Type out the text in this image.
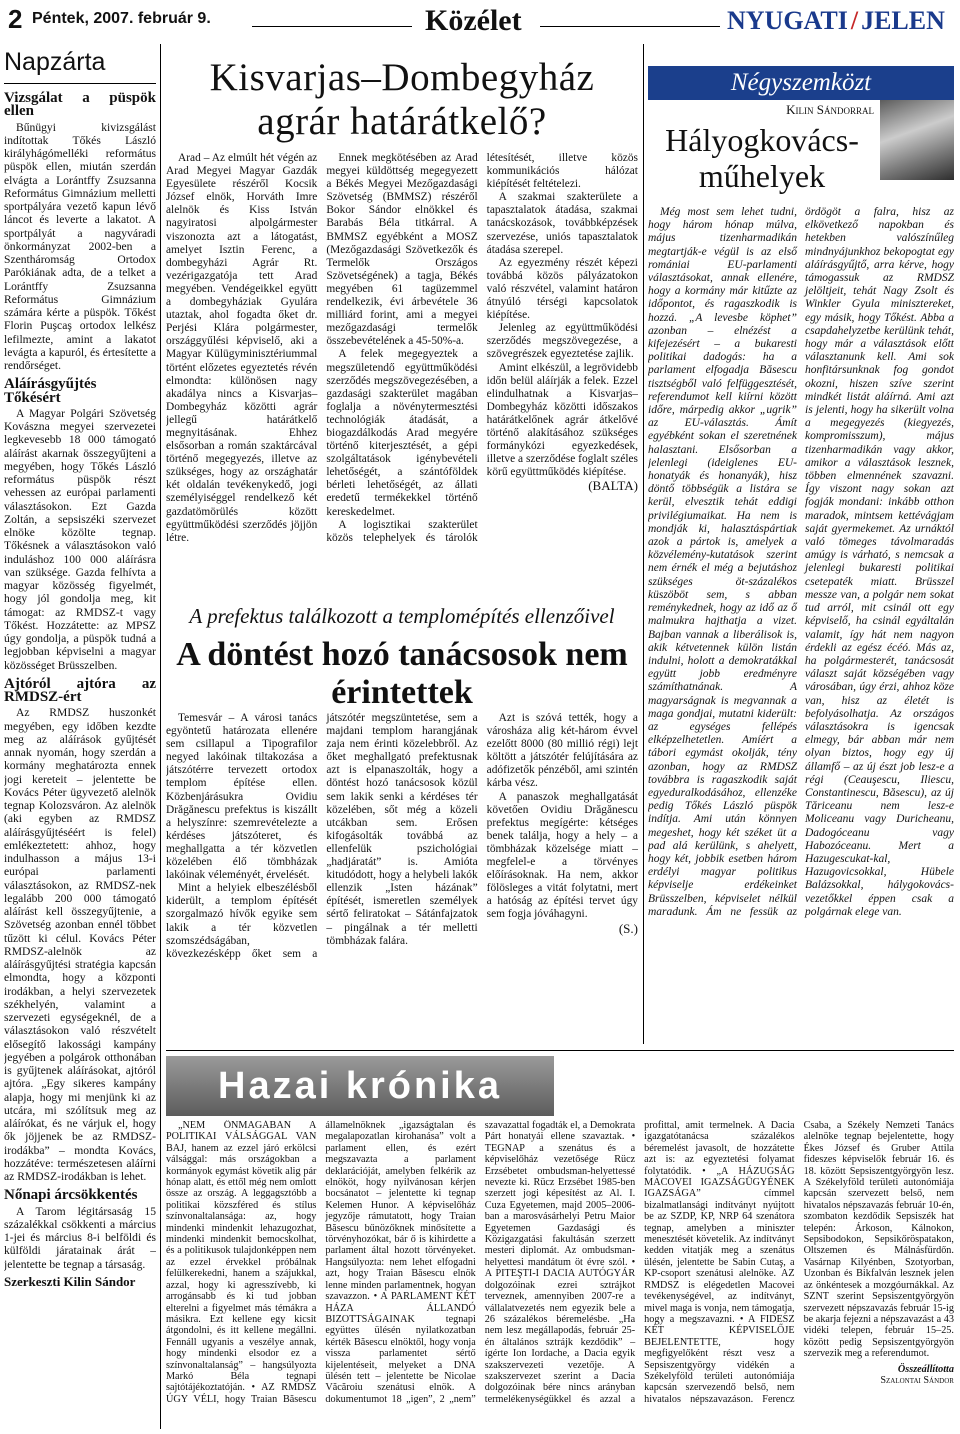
2 Péntek, 2007. február 9.	Közélet	NYUGATI / JELEN
Napzárta
Vizsgálat a püspök ellen

Bűnügyi kivizsgálást indítottak Tőkés László királyhágómelléki református püspök ellen, miután szerdán elvágta a Lorántffy Zsuzsanna Református Gimnázium melletti sportpályára vezető kapun lévő láncot és leverte a lakatot. A sportpályát a nagyváradi önkormányzat 2002-ben a Szentháromság Ortodox Parókiának adta, de a telket a Lorántffy Zsuzsanna Református Gimnázium számára kérte a püspök. Tőkést Florin Puşcaş ortodox lelkész lefilmezte, amint a lakatot levágta a kapuról, és értesítette a rendőrséget.

Aláírásgyűjtés Tőkésért

A Magyar Polgári Szövetség Kovászna megyei szervezetei legkevesebb 18 000 támogató aláírást akarnak összegyűjteni a megyében, hogy Tőkés László református püspök részt vehessen az európai parlamenti választásokon. Ezt Gazda Zoltán, a sepsiszéki szervezet elnöke közölte tegnap. Tőkésnek a választásokon való induláshoz 100 000 aláírásra van szüksége. Gazda felhívta a magyar közösség figyelmét, hogy jól gondolja meg, kit támogat: az RMDSZ-t vagy Tőkést. Hozzátette: az MPSZ úgy gondolja, a püspök tudná a legjobban képviselni a magyar közösséget Brüsszelben.

Ajtóról ajtóra az RMDSZ-ért

Az RMDSZ huszonkét megyében, egy időben kezdte meg az aláírások gyűjtését annak nyomán, hogy szerdán a kormány meghatározta ennek jogi kereteit – jelentette be Kovács Péter ügyvezető alelnök tegnap Kolozsváron. Az alelnök (aki egyben az RMDSZ aláírásgyűjtéséért is felel) emlékeztetett: ahhoz, hogy indulhasson a május 13-i európai parlamenti választásokon, az RMDSZ-nek legalább 200 000 támogató aláírást kell összegyűjtenie, a Szövetség azonban ennél többet tűzött ki célul. Kovács Péter RMDSZ-alelnök az aláírásgyűjtési stratégia kapcsán elmondta, hogy a központi irodákban, a helyi szervezetek székhelyén, valamint a szervezeti egységeknél, de a választásokon való részvételt elősegítő lakossági kampány jegyében a polgárok otthonában is gyűjtenek aláírásokat, ajtóról ajtóra. „Egy sikeres kampány alapja, hogy mi menjünk ki az utcára, mi szólítsuk meg az aláírókat, és ne várjuk el, hogy ők jöjjenek be az RMDSZ-irodákba” – mondta Kovács, hozzátéve: természetesen aláírni az RMDSZ-irodákban is lehet.

Nőnapi árcsökkentés

A Tarom légitársaság 15 százalékkal csökkenti a március 1-jei és március 8-i belföldi és külföldi járatainak árát – jelentette be tegnap a társaság.

Szerkeszti Kilin Sándor
Kisvarjas–Dombegyház agrár határátkelő?

Arad – Az elmúlt hét végén az Arad Megyei Magyar Gazdák Egyesülete részéről Kocsik József elnök, Horváth Imre alelnök és Kiss István nagyiratosi alpolgármester viszonozta azt a látogatást, amelyet Isztin Ferenc, a dombegyházi Agrár Rt. vezérigazgatója tett Arad megyében. Vendégeikkel együtt a dombegyháziak Gyulára utaztak, ahol fogadta őket dr. Perjési Klára polgármester, országgyűlési képviselő, aki a Magyar Külügyminisztériummal történt előzetes egyeztetés révén elmondta: különösen nagy akadálya nincs a Kisvarjas–Dombegyház közötti agrár jellegű határátkelő megnyitásának. Ehhez elsősorban a román szaktárcával történő megegyezés, illetve az szükséges, hogy az országhatár két oldalán tevékenykedő, jogi személyiséggel rendelkező két gazdatömörülés között együttműködési szerződés jöjjön létre.

Ennek megkötésében az Arad megyei küldöttség megegyezett a Békés Megyei Mezőgazdasági Szövetség (BMMSZ) részéről Bokor Sándor elnökkel és Barabás Béla titkárral. A BMMSZ egyébként a MOSZ (Mezőgazdasági Szövetkezők és Termelők Országos Szövetségének) a tagja, Békés megyében 61 tagüzemmel rendelkezik, évi árbevétele 36 milliárd forint, ami a megyei mezőgazdasági termelők összebevételének a 45-50%-a.

A felek megegyeztek a megszületendő együttműködési szerződés megszövegezésében, a gazdasági szakterület magában foglalja a növénytermesztési technológiák átadását, a biogazdálkodás Arad megyére történő kiterjesztését, a gépi szolgáltatások igénybevételi lehetőségét, a szántóföldek bérleti lehetőségét, az állati eredetű termékekkel történő kereskedelmet.

A logisztikai szakterület közös telephelyek és tárolók létesítését, illetve közös kommunikációs hálózat kiépítését feltételezi.

A szakmai szakterülete a tapasztalatok átadása, szakmai tanácskozások, továbbképzések szervezése, uniós tapasztalatok átadása szerepel.

Az egyezmény részét képezi továbbá közös pályázatokon való részvétel, valamint határon átnyúló térségi kapcsolatok kiépítése.

Jelenleg az együttműködési szerződés megszövegezése, a szövegrészek egyeztetése zajlik.

Amint elkészül, a legrövidebb időn belül aláírják a felek. Ezzel elindulhatnak a Kisvarjas–Dombegyház közötti időszakos határátkelőnek agrár átkelővé történő alakításához szükséges formánykózi egyezkedések, illetve a szerződése foglalt széles körű együttműködés kiépítése.

(BALTA)
A prefektus találkozott a templomépítés ellenzőivel
A döntést hozó tanácsosok nem érintettek

Temesvár – A városi tanács egyöntetű határozata ellenére sem csillapul a Tipografilor negyed lakóinak tiltakozása a játszótérre tervezett ortodox templom építése ellen. Közbenjárásukra Ovidiu Drăgănescu prefektus is kiszállt a helyszínre: szemrevételezte a kérdéses játszóteret, és meghallgatta a tér közvetlen közelében élő tömbházak lakóinak véleményét, érvelését.

Mint a helyiek elbeszélésből kiderült, a templom építését szorgalmazó hívők egyike sem lakik a tér közvetlen szomszédságában, kövezkezésképp őket sem a játszótér megszüntetése, sem a majdani templom harangjának zaja nem érinti közelebbről. Az őket meghallgató prefektusnak azt is elpanaszolták, hogy a döntést hozó tanácsosok közül sem lakik senki a kérdéses tér közelében, sőt még a közeli utcákban sem. Erősen kifogásolták továbbá az ellenfelük pszichológiai „hadjáratát” is. Amióta kitudódott, hogy a helybeli lakók ellenzik „Isten házának” építését, ismeretlen személyek sértő feliratokat – Sátánfajzatok – pingálnak a tér melletti tömbházak falára.

Azt is szóvá tették, hogy a városháza alig két-három évvel ezelőtt 8000 (80 millió régi) lejt költött a játszótér felújítására az adófizetők pénzéből, ami szintén kárba vész.

A panaszok meghallgatását követően Ovidiu Drăgănescu prefektus megígérte: kétséges benek találja, hogy a hely – a tömbházak közelsége miatt – megfelel-e a törvényes előírásoknak. Ha nem, akkor fölösleges a vitát folytatni, mert a hatóság az építési tervet úgy sem fogja jóváhagyni.

(S.)
Négyszemközt
Kilin Sándorral
Hályogkovács-műhelyek

Még most sem lehet tudni, hogy három hónap múlva, május tizenharmadikán megtartják-e végül is az első romániai EU-parlamenti választásokat, annak ellenére, hogy a kormány már kitűzte az időpontot, és ragaszkodik is hozzá. „A levesbe köphet” azonban – elnézést a kifejezésért – a bukaresti politikai dadogás: ha a parlament elfogadja Băsescu tisztségből való felfüggesztését, referendumot kell kiírni között időre, márpedig akkor „ugrik” az EU-választás. Ámít egyébként sokan el szeretnének halasztani. Elsősorban a jelenlegi (ideiglenes EU-honatyák és honanyák), hisz döntő többségük a listára se kerül, elvesztik tehát eddigi privilégiumaikat. Ha nem is mondják ki, halasztáspártiak azok a pártok is, amelyek a közvélemény-kutatások szerint nem érnék el még a bejutáshoz szükséges öt-százalékos küszöböt sem, s abban reménykednek, hogy az idő az ő malmukra hajthatja a vizet. Bajban vannak a liberálisok is, akik kétvetennek külön listán indulni, holott a demokratákkal együtt jobb eredményre számíthatnának. A magyarságnak is megvannak a maga gondjai, mutatni kiderült: az egységes fellépés elképzelhetetlen. Amíért a tábori egymást okolják, tény azonban, hogy az RMDSZ továbbra is ragaszkodik saját egyeduralkodásához, ellenzéke pedig Tőkés László püspök indítja. Ami után könnyen megeshet, hogy két széket üt a pad alá kerülünk, s ahelyett, hogy két, jobbik esetben három erdélyi magyar politikus képviselje erdékeinket Brüsszelben, képviselet nélkül maradunk. Ám ne fessük az ördögöt a falra, hisz az elkövetkező napokban és hetekben valószínűleg mindnyájunkhoz bekopogtat egy aláírásgyűjtő, arra kérve, hogy támogassuk az RMDSZ jelöltjeit, tehát Nagy Zsolt és Winkler Gyula minisztereket, egy másik, hogy Tőkést. Abba a csapdahelyzetbe kerülünk tehát, hogy már a választások előtt választanunk kell. Ami sok honfitársunknak fog gondot okozni, hiszen szíve szerint mindkét listát aláírná. Ami azt is jelenti, hogy ha sikerült volna a megegyezés (kiegyezés, kompromisszum), május tizenharmadikán vagy akkor, amikor a választások lesznek, többen elmennének szavazni. Így viszont nagy sokan azt fogják mondani: inkább otthon maradok, mintsem kettévágjam saját gyermekemet. Az urnáktól való tömeges távolmaradás amúgy is várható, s nemcsak a jelenlegi bukaresti politikai csetepaték miatt. Brüsszel messze van, a polgár nem sokat tud arról, mit csinál ott egy képviselő, ha csinál egyáltalán valamit, így hát nem nagyon érdekli az egész écéó. Más az, ha polgármesterét, tanácsosát választ saját községében vagy városában, úgy érzi, ahhoz köze van, hisz az életét is befolyásolhatja. Az országos választásokra is igencsak elmegy, bár abban már nem olyan biztos, hogy egy új államfő – az új észt job lesz-e a régi (Ceauşescu, Iliescu, Constantinescu, Băsescu), az új Tăriceanu nem lesz-e Moliceanu vagy Duricheanu, Dadogóceanu vagy Habozóceanu. Mert a Hazugescukat-kal, Hazugovicsokkal, Hübele Balázsokkal, hálygokovács-vezetőkkel éppen csak a polgárnak elege van.

Hazai krónika

„NEM ÖNMAGÁBAN A POLITIKAI VÁLSÁGGAL VAN BAJ, hanem az ezzel járó erkölcsi válsággal: más országokban a kormányok egymást követik alig pár hónap alatt, és ettől még nem omlott össze az ország. A leggagsztóbb a politikai közszféred és stílus színvonaltalansága: az, hogy mindenki mindenkit lehazugozhat, mindenki mindenkit bemocskolhat, és a politikusok tulajdonképpen nem az ezzel érvekkel próbálnak felülkerekedni, hanem a szájukkal, azzal, hogy ki agresszívebb, ki arrogánsabb és ki tud jobban elterelni a figyelmet más témákra a másikra. Ezt kellene egy kicsit átgondolni, és itt kellene megállni. Fennáll ugyanis a veszélye annak, hogy mindenki elsodor ez a színvonaltalanság” – hangsúlyozta Markó Béla tegnapi sajtótájékoztatóján. • AZ RMDSZ ÚGY VÉLI, hogy Traian Băsescu államelnöknek „igazságtalan és megalapozatlan kirohanása” volt a parlament ellen, és ezért megszavazta a parlament deklarációját, amelyben felkérik az elnököt, hogy nyilvánosan kérjen bocsánatot – jelentette ki tegnap Kelemen Hunor. A képviselőház jegyzője rámutatott, hogy Traian Băsescu bűnözőknek minősítette a törvényhozókat, bár ő is kihirdette a parlament által hozott törvényeket. Hangsúlyozta: nem lehet elfogadni azt, hogy Traian Băsescu elnök lenne minden parlamentnek, hogyan szavazzon. • A PARLAMENT KÉT HÁZA ÁLLANDÓ BIZOTTSÁGAINAK tegnapi együttes ülésén nyilatkozatban kérték Băsescu elnöktől, hogy vonja vissza parlamentet sértő kijelentéseit, melyeket a DNA ülésén tett – jelentette be Nicolae Văcăroiu szenátusi elnök. A dokumentumot 18 „igen”, 2 „nem” szavazattal fogadták el, a Demokrata Párt honatyái ellene szavaztak. • TEGNAP a szenátus és a képviselőház vezetősége Rücz Erzsébetet ombudsman-helyettessé nevezte ki. Rücz Erzsébet 1985-ben szerzett jogi képesítést az Al. I. Cuza Egyetemen, majd 2005–2006-ban a marosvásárhelyi Petru Maior Egyetemen Gazdasági és Közigazgatási fakultásán szerzett mesteri diplomát. Az ombudsman-helyettesi mandátum öt évre szól. • A PITEŞTI-I DACIA AUTÓGYÁR dolgozóinak ezrei sztrájkot terveznek, amennyiben 2007-re a vállalatvezetés nem egyezik bele a 26 százalékos béremelésbe. „Ha nem lesz megállapodás, február 25-én általános sztrájk kezdődik” – ígérte Ion Iordache, a Dacia egyik szakszervezeti vezetője. A szakszervezet szerint a Dacia dolgozóinak bére nincs arányban termelékenységükkel és azzal a profittal, amit termelnek. A Dacia igazgatótanácsa százalékos béremelést javasolt, de hozzátette azt is: az egyeztetési folyamat folytatódik. • „A HÁZUGSÁG MACOVEI IGAZSÁGÜGYÉNEK IGAZSÁGA” címmel bizalmatlansági indítványt nyújtott be az SZDP, KP, NRP 64 szenátora tegnap, amelyben a miniszter menesztését követelik. Az indítványt kedden vitatják meg a szenátus ülésén, jelentette be Sabin Cutaş, a KP-csoport szenátusi alelnöke. AZ RMDSZ is elégedetlen Macovei tevékenységével, az indítványt, mivel maga is vonja, nem támogatja, hogy a megszavazni. • A FIDESZ KÉT KÉPVISELŐJE BEJELENTETTE, hogy megfigyelőként részt vesz a Sepsiszentgyörgy vidékén a Székelyföld területi autonómiája kapcsán szervezendő belső, nem hivatalos népszavazáson. Ferencz Csaba, a Székely Nemzeti Tanács alelnöke tegnap bejelentette, hogy Ékes József és Gruber Attila fideszes képviselők február 16. és 18. között Sepsiszentgyörgyön lesz. A Székelyföld területi autonómiája kapcsán szervezett belső, nem hivatalos népszavazás február 10-én, szombaton kezdődik Sepsiszék hat telepén: Árkoson, Kálnokon, Sepsibodokon, Sepsikőröspatakon, Oltszemen és Málnásfürdőn. Vasárnap Kilyénben, Szotyorban, Uzonban és Bikfalván lesznek jelen az önkéntesek a mozgóurnákkal. Az SZNT szerint Sepsiszentgyörgyön szervezett népszavazás február 15-ig be akarja fejezni a népszavazást a 43 vidéki telepen, február 15–25. között pedig Sepsiszentgyörgyön szervezik meg a referendumot.

Összeállította
Szalontai Sándor
